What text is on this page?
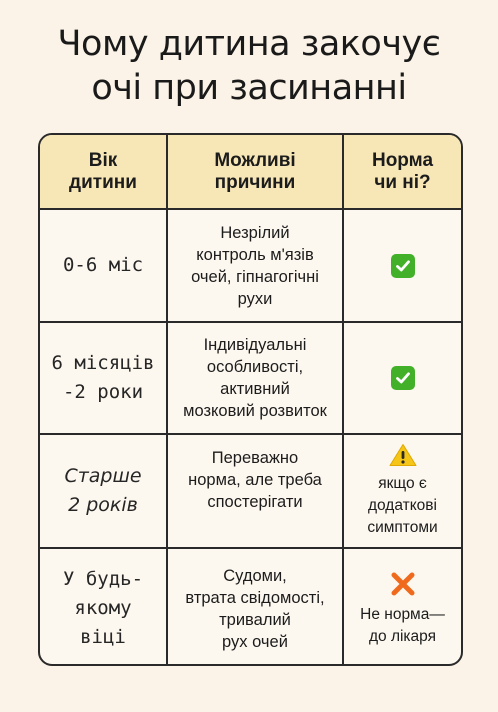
Чому дитина закочує
очі при засинанні
Вік
дитини
Можливі
причини
Норма
чи ні?
0-6 міс
Незрілий
контроль м'язів
очей, гіпнагогічні
рухи
6 місяців
-2 роки
Індивідуальні
особливості,
активний
мозковий розвиток
Старше
2 років
Переважно
норма, але треба
спостерігати
якщо є
додаткові
симптоми
У будь-
якому
віці
Судоми,
втрата свідомості,
тривалий
рух очей
Не норма—
до лікаря
